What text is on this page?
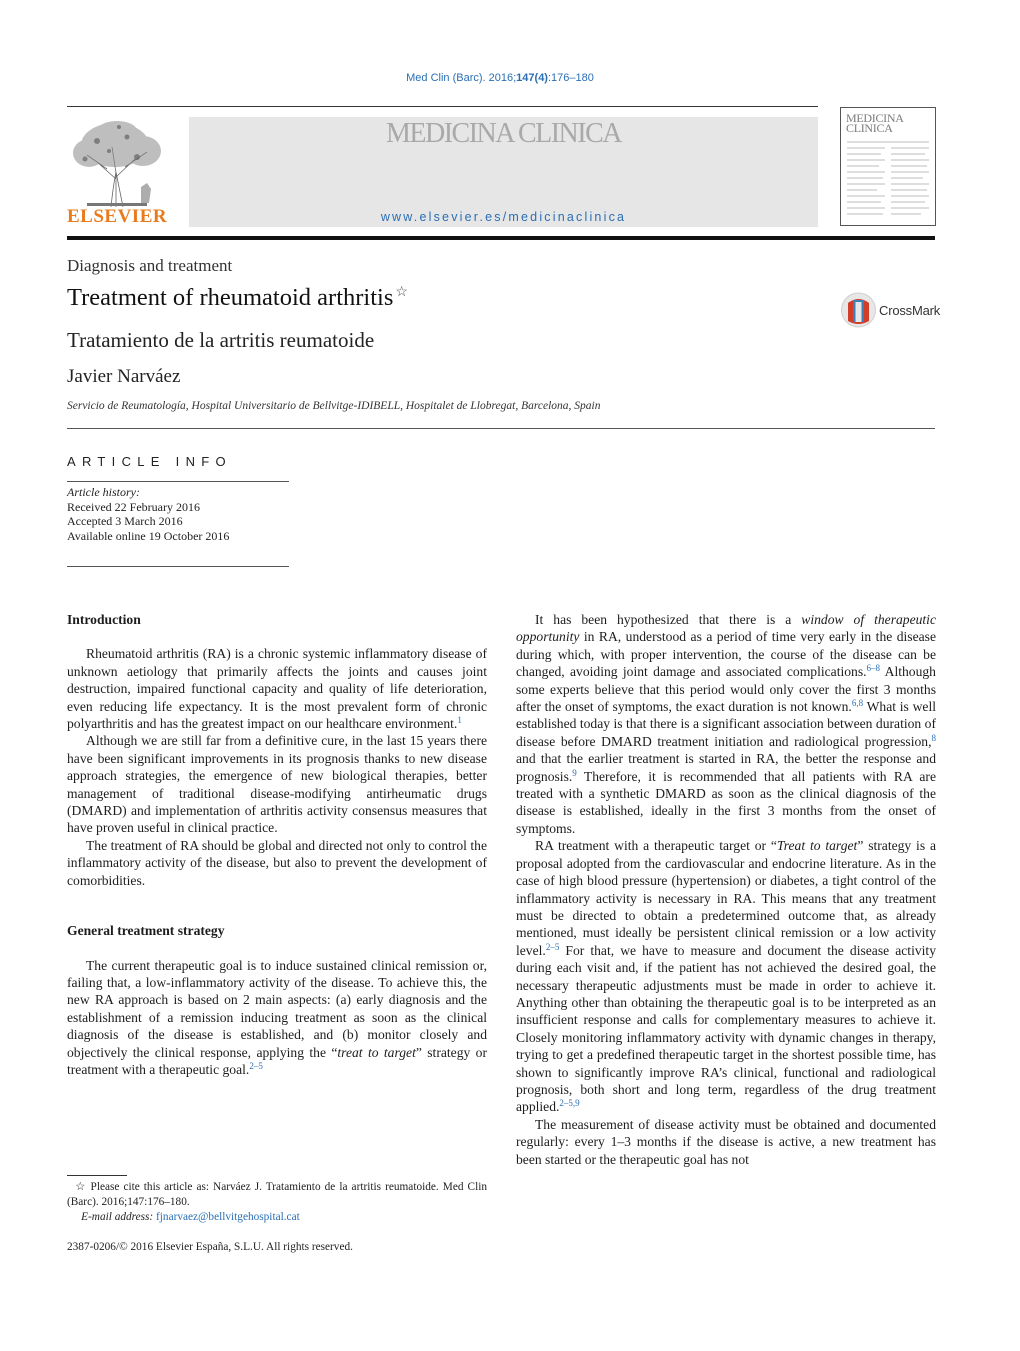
Med Clin (Barc). 2016;147(4):176–180
ELSEVIER
MEDICINA CLINICA
www.elsevier.es/medicinaclinica
MEDICINA CLINICA
Diagnosis and treatment
Treatment of rheumatoid arthritis ☆
CrossMark
Tratamiento de la artritis reumatoide
Javier Narváez
Servicio de Reumatología, Hospital Universitario de Bellvitge-IDIBELL, Hospitalet de Llobregat, Barcelona, Spain
ARTICLE INFO
Article history:
Received 22 February 2016
Accepted 3 March 2016
Available online 19 October 2016
Introduction

Rheumatoid arthritis (RA) is a chronic systemic inflammatory disease of unknown aetiology that primarily affects the joints and causes joint destruction, impaired functional capacity and quality of life deterioration, even reducing life expectancy. It is the most prevalent form of chronic polyarthritis and has the greatest impact on our healthcare environment.$^1$

Although we are still far from a definitive cure, in the last 15 years there have been significant improvements in its prognosis thanks to new disease approach strategies, the emergence of new biological therapies, better management of traditional disease-modifying antirheumatic drugs (DMARD) and implementation of arthritis activity consensus measures that have proven useful in clinical practice.

The treatment of RA should be global and directed not only to control the inflammatory activity of the disease, but also to prevent the development of comorbidities.

General treatment strategy

The current therapeutic goal is to induce sustained clinical remission or, failing that, a low-inflammatory activity of the disease. To achieve this, the new RA approach is based on 2 main aspects: (a) early diagnosis and the establishment of a remission inducing treatment as soon as the clinical diagnosis of the disease is established, and (b) monitor closely and objectively the clinical response, applying the “treat to target” strategy or treatment with a therapeutic goal.$^{2-5}$

It has been hypothesized that there is a window of therapeutic opportunity in RA, understood as a period of time very early in the disease during which, with proper intervention, the course of the disease can be changed, avoiding joint damage and associated complications.$^{6-8}$ Although some experts believe that this period would only cover the first 3 months after the onset of symptoms, the exact duration is not known.$^{6,8}$ What is well established today is that there is a significant association between duration of disease before DMARD treatment initiation and radiological progression,$^8$ and that the earlier treatment is started in RA, the better the response and prognosis.$^9$ Therefore, it is recommended that all patients with RA are treated with a synthetic DMARD as soon as the clinical diagnosis of the disease is established, ideally in the first 3 months from the onset of symptoms.

RA treatment with a therapeutic target or “Treat to target” strategy is a proposal adopted from the cardiovascular and endocrine literature. As in the case of high blood pressure (hypertension) or diabetes, a tight control of the inflammatory activity is necessary in RA. This means that any treatment must be directed to obtain a predetermined outcome that, as already mentioned, must ideally be persistent clinical remission or a low activity level.$^{2-5}$ For that, we have to measure and document the disease activity during each visit and, if the patient has not achieved the desired goal, the necessary therapeutic adjustments must be made in order to achieve it. Anything other than obtaining the therapeutic goal is to be interpreted as an insufficient response and calls for complementary measures to achieve it. Closely monitoring inflammatory activity with dynamic changes in therapy, trying to get a predefined therapeutic target in the shortest possible time, has shown to significantly improve RA’s clinical, functional and radiological prognosis, both short and long term, regardless of the drug treatment applied.$^{2-5,9}$

The measurement of disease activity must be obtained and documented regularly: every 1–3 months if the disease is active, a new treatment has been started or the therapeutic goal has not

☆ Please cite this article as: Narváez J. Tratamiento de la artritis reumatoide. Med Clin (Barc). 2016;147:176–180.

E-mail address: fjnarvaez@bellvitgehospital.cat

2387-0206/© 2016 Elsevier España, S.L.U. All rights reserved.
